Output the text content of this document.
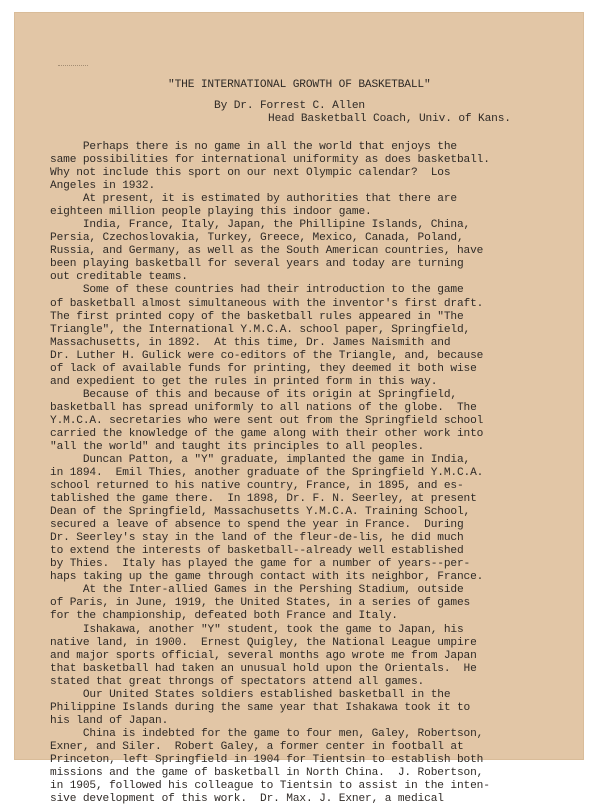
"THE INTERNATIONAL GROWTH OF BASKETBALL"
By Dr. Forrest C. Allen
Head Basketball Coach, Univ. of Kans.
Perhaps there is no game in all the world that enjoys the
same possibilities for international uniformity as does basketball.
Why not include this sport on our next Olympic calendar?  Los
Angeles in 1932.
At present, it is estimated by authorities that there are
eighteen million people playing this indoor game.
India, France, Italy, Japan, the Phillipine Islands, China,
Persia, Czechoslovakia, Turkey, Greece, Mexico, Canada, Poland,
Russia, and Germany, as well as the South American countries, have
been playing basketball for several years and today are turning
out creditable teams.
Some of these countries had their introduction to the game
of basketball almost simultaneous with the inventor's first draft.
The first printed copy of the basketball rules appeared in "The
Triangle", the International Y.M.C.A. school paper, Springfield,
Massachusetts, in 1892.  At this time, Dr. James Naismith and
Dr. Luther H. Gulick were co-editors of the Triangle, and, because
of lack of available funds for printing, they deemed it both wise
and expedient to get the rules in printed form in this way.
Because of this and because of its origin at Springfield,
basketball has spread uniformly to all nations of the globe.  The
Y.M.C.A. secretaries who were sent out from the Springfield school
carried the knowledge of the game along with their other work into
"all the world" and taught its principles to all peoples.
Duncan Patton, a "Y" graduate, implanted the game in India,
in 1894.  Emil Thies, another graduate of the Springfield Y.M.C.A.
school returned to his native country, France, in 1895, and es-
tablished the game there.  In 1898, Dr. F. N. Seerley, at present
Dean of the Springfield, Massachusetts Y.M.C.A. Training School,
secured a leave of absence to spend the year in France.  During
Dr. Seerley's stay in the land of the fleur-de-lis, he did much
to extend the interests of basketball--already well established
by Thies.  Italy has played the game for a number of years--per-
haps taking up the game through contact with its neighbor, France.
At the Inter-allied Games in the Pershing Stadium, outside
of Paris, in June, 1919, the United States, in a series of games
for the championship, defeated both France and Italy.
Ishakawa, another "Y" student, took the game to Japan, his
native land, in 1900.  Ernest Quigley, the National League umpire
and major sports official, several months ago wrote me from Japan
that basketball had taken an unusual hold upon the Orientals.  He
stated that great throngs of spectators attend all games.
Our United States soldiers established basketball in the
Philippine Islands during the same year that Ishakawa took it to
his land of Japan.
China is indebted for the game to four men, Galey, Robertson,
Exner, and Siler.  Robert Galey, a former center in football at
Princeton, left Springfield in 1904 for Tientsin to establish both
missions and the game of basketball in North China.  J. Robertson,
in 1905, followed his colleague to Tientsin to assist in the inten-
sive development of this work.  Dr. Max. J. Exner, a medical
